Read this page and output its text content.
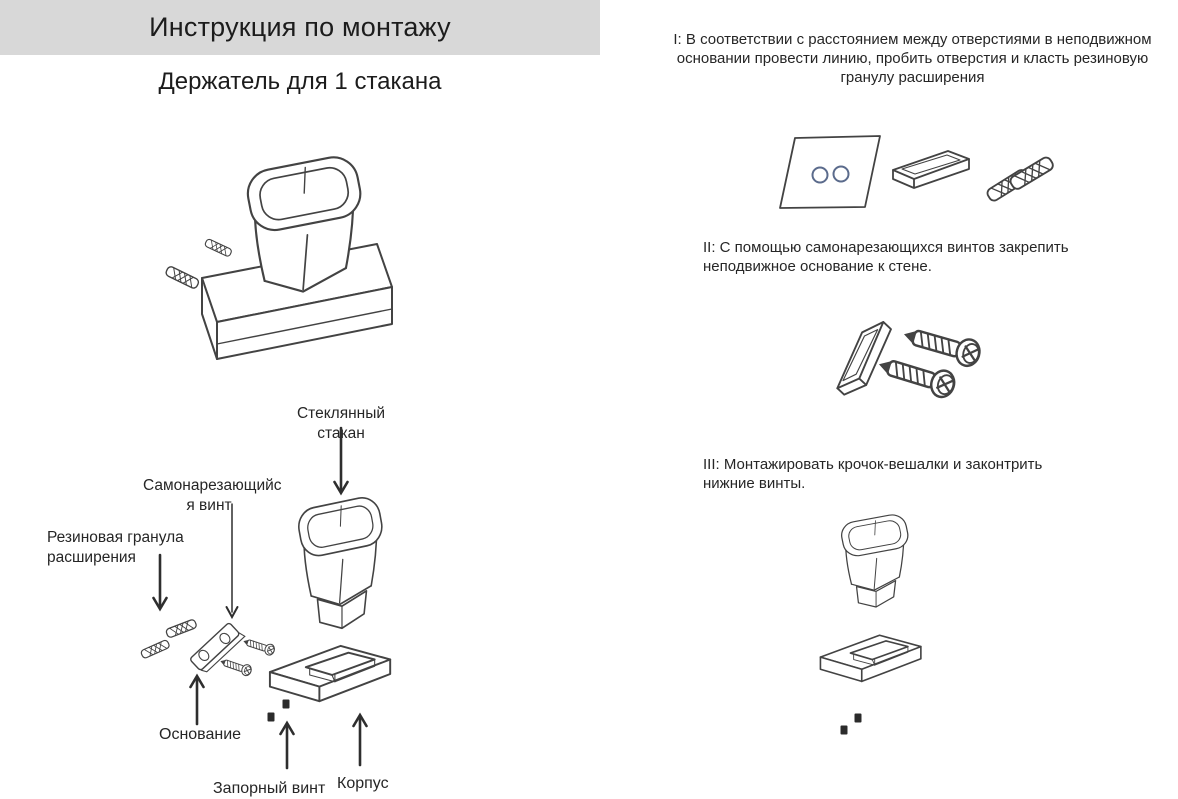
Инструкция по монтажу
Держатель для 1 стакана
Стеклянный стакан
Самонарезающийс
я винт
Резиновая гранула
расширения
Основание
Запорный винт Корпус
I: В соответствии с расстоянием между отверстиями в неподвижном основании провести линию, пробить отверстия и класть резиновую гранулу расширения
II: С помощью самонарезающихся винтов закрепить неподвижное основание к стене.
III: Монтажировать крочок-вешалки и законтрить нижние винты.
